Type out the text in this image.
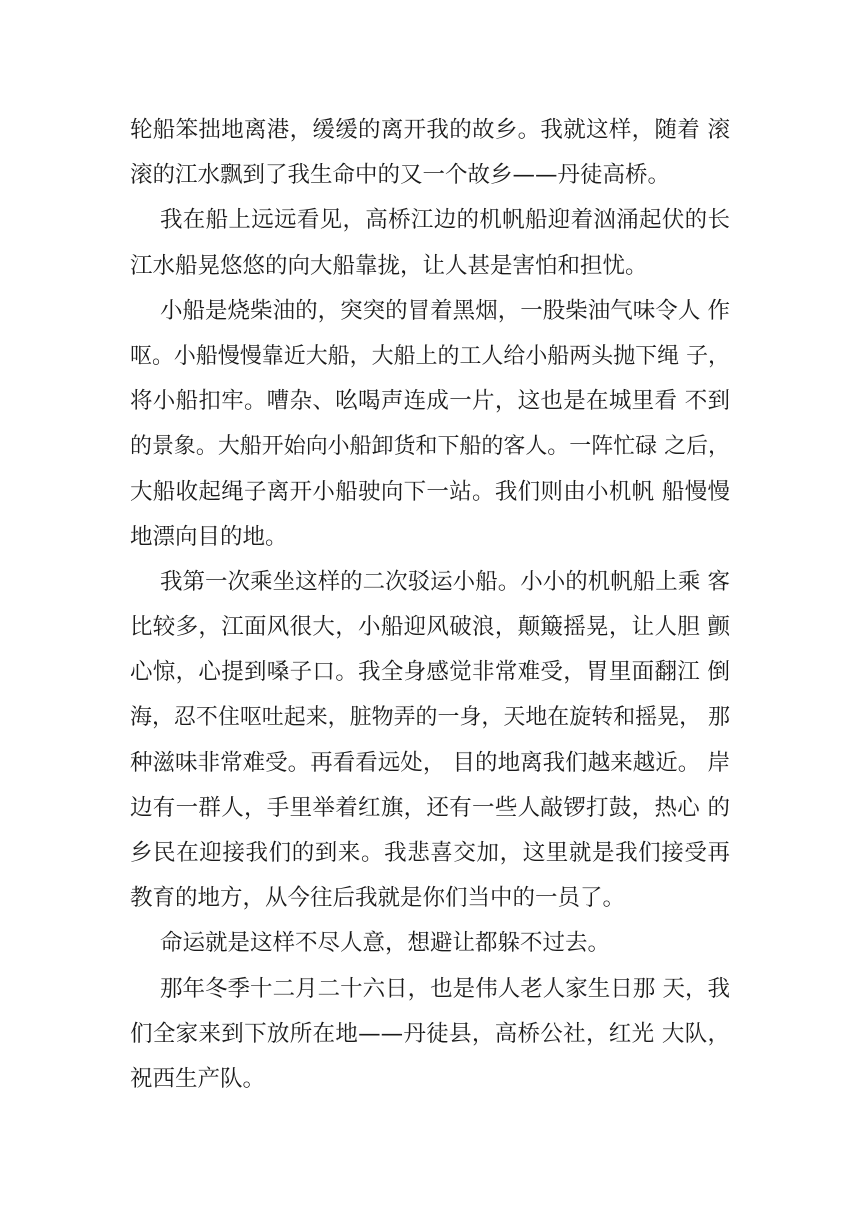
轮船笨拙地离港，缓缓的离开我的故乡。我就这样，随着 滚
滚的江水飘到了我生命中的又一个故乡——丹徒高桥。
我在船上远远看见，高桥江边的机帆船迎着汹涌起伏的长
江水船晃悠悠的向大船靠拢，让人甚是害怕和担忧。
小船是烧柴油的，突突的冒着黑烟，一股柴油气味令人 作
呕。小船慢慢靠近大船，大船上的工人给小船两头抛下绳 子，
将小船扣牢。嘈杂、吆喝声连成一片，这也是在城里看 不到
的景象。大船开始向小船卸货和下船的客人。一阵忙碌 之后，
大船收起绳子离开小船驶向下一站。我们则由小机帆 船慢慢
地漂向目的地。
我第一次乘坐这样的二次驳运小船。小小的机帆船上乘 客
比较多，江面风很大，小船迎风破浪，颠簸摇晃，让人胆 颤
心惊，心提到嗓子口。我全身感觉非常难受，胃里面翻江 倒
海，忍不住呕吐起来，脏物弄的一身，天地在旋转和摇晃， 那
种滋味非常难受。再看看远处， 目的地离我们越来越近。 岸
边有一群人，手里举着红旗，还有一些人敲锣打鼓，热心 的
乡民在迎接我们的到来。我悲喜交加，这里就是我们接受再
教育的地方，从今往后我就是你们当中的一员了。
命运就是这样不尽人意，想避让都躲不过去。
那年冬季十二月二十六日，也是伟人老人家生日那 天，我
们全家来到下放所在地——丹徒县，高桥公社，红光 大队，
祝西生产队。
